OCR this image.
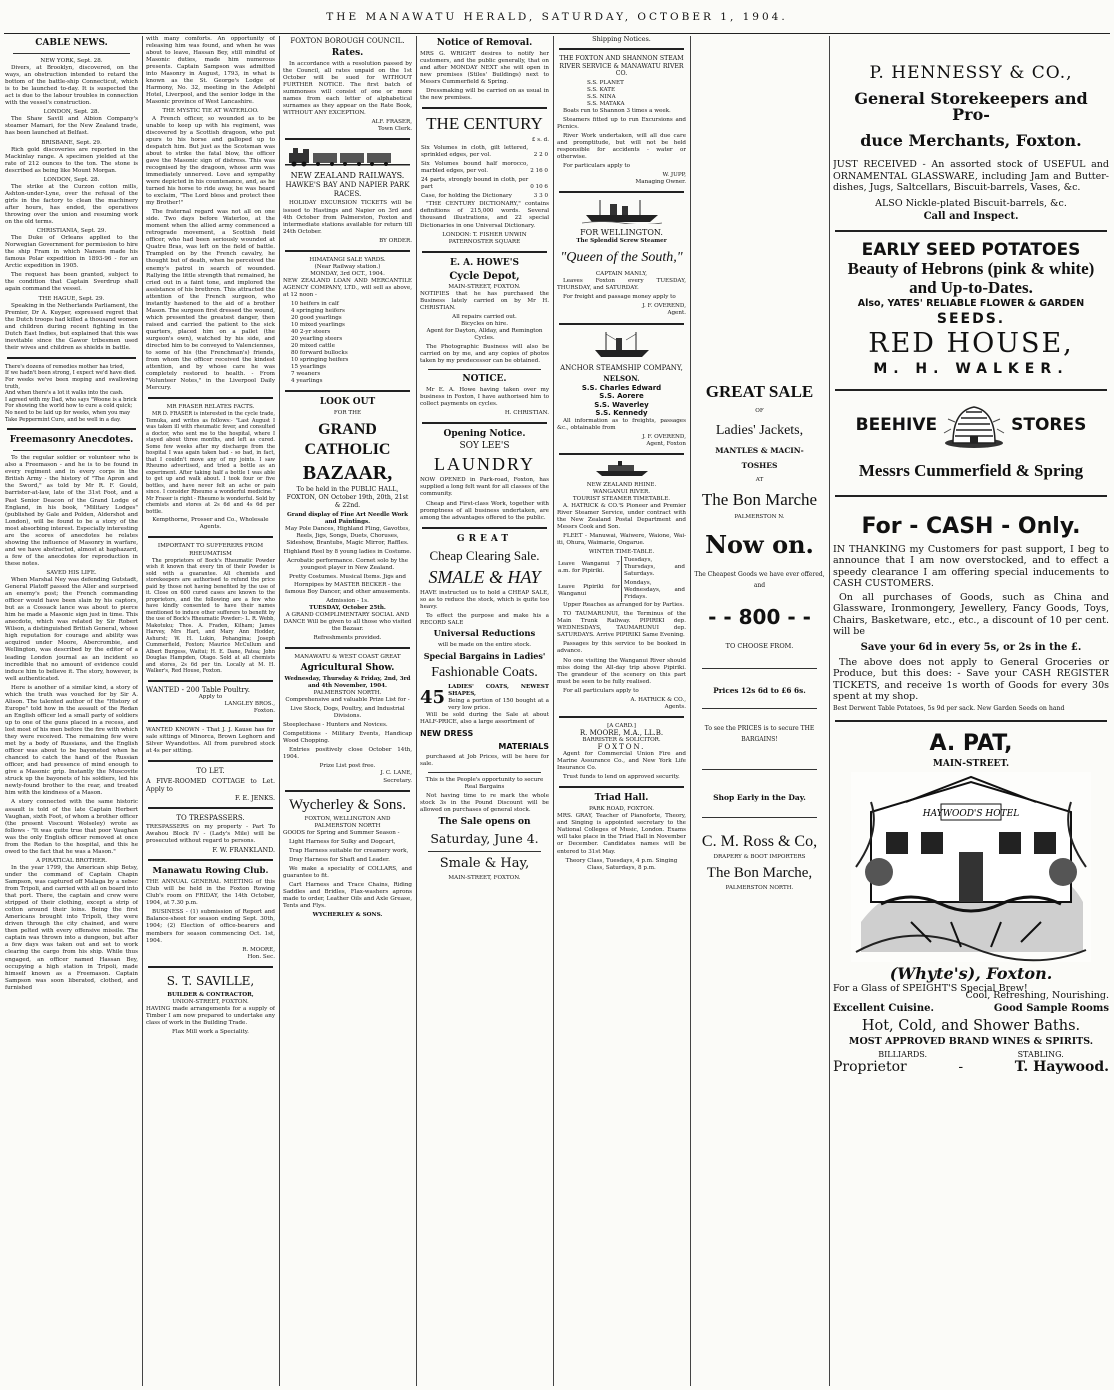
THE MANAWATU HERALD, SATURDAY, OCTOBER 1, 1904.
CABLE NEWS.
NEW YORK, Sept. 28.

Divers, at Brooklyn, discovered, on the ways, an obstruction intended to retard the bottom of the battle-ship Connecticut, which is to be launched to-day. It is suspected the act is due to the labour troubles in connection with the vessel's construction.

LONDON, Sept. 28.

The Shaw Savill and Albion Company's steamer Mamari, for the New Zealand trade, has been launched at Belfast.

BRISBANE, Sept. 29.

Rich gold discoveries are reported in the Mackinlay range. A specimen yielded at the rate of 212 ounces to the ton. The stone is described as being like Mount Morgan.

LONDON, Sept. 28.

The strike at the Curzon cotton mills, Ashton-under-Lyne, over the refusal of the girls in the factory to clean the machinery after hours, has ended, the operatives throwing over the union and resuming work on the old terms.

CHRISTIANIA, Sept. 29.

The Duke of Orleans applied to the Norwegian Government for permission to hire the ship Fram in which Nansen made his famous Polar expedition in 1893-96 - for an Arctic expedition in 1905.

The request has been granted, subject to the condition that Captain Sverdrup shall again command the vessel.

THE HAGUE, Sept. 29.

Speaking in the Netherlands Parliament, the Premier, Dr A. Kuyper, expressed regret that the Dutch troops had killed a thousand women and children during recent fighting in the Dutch East Indies, but explained that this was inevitable since the Gawor tribesmen used their wives and children as shields in battle.

There's dozens of remedies mother has tried,
If we hadn't been strong, I expect we'd have died.
For weeks we've been moping and swallowing truth,
And when there's a lot it walks into the cash.
I agreed with my Dad, who says "Woone is a brick
For showing the world how to cure a cold quick;
No need to be laid up for weeks, when you may
Take Peppermint Cure, and be well in a day.
Freemasonry Anecdotes.

To the regular soldier or volunteer who is also a Freemason - and he is to be found in every regiment and in every corps in the British Army - the history of "The Apron and the Sword," as told by Mr R. F. Gould, barrister-at-law, late of the 31st Foot, and a Past Senior Deacon of the Grand Lodge of England, in his book, "Military Lodges" (published by Gale and Polden, Aldershot and London), will be found to be a story of the most absorbing interest. Especially interesting are the scores of anecdotes he relates showing the influence of Masonry in warfare, and we have abstracted, almost at haphazard, a few of the anecdotes for reproduction in these notes.

SAVED HIS LIFE.

When Marshal Ney was defending Gutstadt, General Platoff passed the Aller and surprised an enemy's post; the French commanding officer would have been slain by his captors, but as a Cossack lance was about to pierce him he made a Masonic sign just in time. This anecdote, which was related by Sir Robert Wilson, a distinguished British General, whose high reputation for courage and ability was acquired under Moore, Abercrombie, and Wellington, was described by the editor of a leading London journal as an incident so incredible that no amount of evidence could induce him to believe it. The story, however, is well authenticated.

Here is another of a similar kind, a story of which the truth was vouched for by Sir A. Alison. The talented author of the "History of Europe" told how in the assault of the Redan an English officer led a small party of soldiers up to one of the guns placed in a recess, and lost most of his men before the fire with which they were received. The remaining few were met by a body of Russians, and the English officer was about to be bayoneted when he chanced to catch the hand of the Russian officer, and had presence of mind enough to give a Masonic grip. Instantly the Muscovite struck up the bayonets of his soldiers, led his newly-found brother to the rear, and treated him with the kindness of a Mason.

A story connected with the same historic assault is told of the late Captain Herbert Vaughan, sixth Foot, of whom a brother officer (the present Viscount Wolseley) wrote as follows - "It was quite true that poor Vaughan was the only English officer removed at once from the Redan to the hospital, and this he owed to the fact that he was a Mason."

A PIRATICAL BROTHER.

In the year 1799, the American ship Betsy, under the command of Captain Chapin Sampson, was captured off Malaga by a xebec from Tripoli, and carried with all on board into that port. There, the captain and crew were stripped of their clothing, except a strip of cotton around their loins. Being the first Americans brought into Tripoli, they were driven through the city chained, and were then pelted with every offensive missile. The captain was thrown into a dungeon, but after a few days was taken out and set to work clearing the cargo from his ship. While thus engaged, an officer named Hassan Bey, occupying a high station in Tripoli, made himself known as a Freemason. Captain Sampson was soon liberated, clothed, and furnished

with many comforts. An opportunity of releasing him was found, and when he was about to leave, Hassan Bey, still mindful of Masonic duties, made him numerous presents. Captain Sampson was admitted into Masonry in August, 1793, in what is known as the St. George's Lodge of Harmony, No. 32, meeting in the Adelphi Hotel, Liverpool, and the senior lodge in the Masonic province of West Lancashire.

THE MYSTIC TIE AT WATERLOO.

A French officer, so wounded as to be unable to keep up with his regiment, was discovered by a Scottish dragoon, who put spurs to his horse and galloped up to despatch him. But just as the Scotsman was about to strike the fatal blow, the officer gave the Masonic sign of distress. This was recognised by the dragoon, whose arm was immediately unnerved. Love and sympathy were depicted in his countenance, and, as he turned his horse to ride away, he was heard to exclaim, "The Lord bless and protect thee my Brother!"

The fraternal regard was not all on one side. Two days before Waterloo, at the moment when the allied army commenced a retrograde movement, a Scottish field officer, who had been seriously wounded at Quatre Bras, was left on the field of battle. Trampled on by the French cavalry, he thought but of death, when he perceived the enemy's patrol in search of wounded. Rallying the little strength that remained, he cried out in a faint tone, and implored the assistance of his brethren. This attracted the attention of the French surgeon, who instantly hastened to the aid of a brother Mason. The surgeon first dressed the wound, which presented the greatest danger, then raised and carried the patient to the sick quarters, placed him on a pallet (the surgeon's own), watched by his side, and directed him to be conveyed to Valenciennes, to some of his (the Frenchman's) friends, from whom the officer received the kindest attention, and by whose care he was completely restored to health. - From "Volunteer Notes," in the Liverpool Daily Mercury.

MR FRASER RELATES FACTS.

MR D. FRASER is interested in the cycle trade, Temuka, and writes as follows:- "Last August I was taken ill with rheumatic fever, and consulted a doctor, who sent me to the hospital, where I stayed about three months, and left as cured. Some few weeks after my discharge from the hospital I was again taken bad - so bad, in fact, that I couldn't move any of my joints. I saw Rheumo advertised, and tried a bottle as an experiment. After taking half a bottle I was able to get up and walk about. I took four or five bottles, and have never felt an ache or pain since. I consider Rheumo a wonderful medicine." Mr Fraser is right - Rheumo is wonderful. Sold by chemists and stores at 2s 6d and 4s 6d per bottle.

Kempthorne, Prosser and Co., Wholesale Agents.
IMPORTANT TO SUFFERERS FROM RHEUMATISM

The proprietors of Bock's Rheumatic Powder wish it known that every tin of their Powder is sold with a guarantee. All chemists and storekeepers are authorised to refund the price paid by those not having benefited by the use of it. Close on 600 cured cases are known to the proprietors, and the following are a few who have kindly consented to have their names mentioned to induce other sufferers to benefit by the use of Bock's Rheumatic Powder:- L. R. Webb, Makotuku; Thos. A. Fraden, Kilham; James Harvey, Mrs Hart, and Mary Ann Hodder, Ashurst; W. H. Lukin, Pohangina; Joseph Cummerfield, Foxton; Maurice McCullum and Albert Burgess, Waitui; H. E. Dane, Patea; John Douglas Hampden, Otago. Sold at all chemists and stores, 2s 6d per tin. Locally at M. H. Walker's, Red House, Foxton.

WANTED - 200 Table Poultry.
Apply to
LANGLEY BROS.,
Foxton.

WANTED KNOWN - That J. J. Kause has for sale sittings of Minorca, Brown Leghorn and Silver Wyandottes. All from purebred stock at 4s per sitting.

TO LET.

A FIVE-ROOMED COTTAGE to Let. Apply to

F. E. JENKS.
TO TRESPASSERS.

TRESPASSERS on my property - Part To Awahou Block IV - (Lady's Mile) will be prosecuted without regard to persons.

F. W. FRANKLAND.
Manawatu Rowing Club.

THE ANNUAL GENERAL MEETING of this Club will be held in the Foxton Rowing Club's room on FRIDAY, the 14th October, 1904, at 7.30 p.m.

BUSINESS - (1) submission of Report and Balance-sheet for season ending Sept. 30th, 1904; (2) Election of office-bearers and members for season commencing Oct. 1st, 1904.

R. MOORE,
Hon. Sec.
S. T. SAVILLE,
BUILDER & CONTRACTOR,
UNION-STREET, FOXTON.

HAVING made arrangements for a supply of Timber I am now prepared to undertake any class of work in the Building Trade.

Flax Mill work a Speciality.
FOXTON BOROUGH COUNCIL.
Rates.

In accordance with a resolution passed by the Council, all rates unpaid on the 1st October will be sued for WITHOUT FURTHER NOTICE. The first batch of summonses will consist of one or more names from each letter of alphabetical surnames as they appear on the Rate Book, WITHOUT ANY EXCEPTION.

ALF. FRASER,
Town Clerk.
NEW ZEALAND RAILWAYS.
HAWKE'S BAY AND NAPIER PARK RACES.

HOLIDAY EXCURSION TICKETS will be issued to Hastings and Napier on 3rd and 4th October from Palmerston, Foxton and intermediate stations available for return till 24th October.

BY ORDER.
HIMATANGI SALE YARDS.
(Near Railway station.)
MONDAY, 3rd OCT., 1904.

NEW ZEALAND LOAN AND MERCANTILE AGENCY COMPANY, LTD., will sell as above, at 12 noon -

10 heifers in calf
4 springing heifers
20 good yearlings
10 mixed yearlings
40 2-yr steers
20 yearling steers
20 mixed cattle
80 forward bullocks
10 springing heifers
15 yearlings
7 weaners
4 yearlings
LOOK OUT
FOR THE
GRAND CATHOLIC
BAZAAR,

To be held in the PUBLIC HALL, FOXTON, ON October 19th, 20th, 21st & 22nd.

Grand display of Fine Art Needle Work and Paintings.

May Pole Dances, Highland Fling, Gavottes, Reels, Jigs, Songs, Duets, Choruses, Sideshow, Brantubs, Magic Mirror, Raffles.

Highland Reel by 8 young ladies in Costume.

Acrobatic performance. Cornet solo by the youngest player in New Zealand.

Pretty Costumes. Musical Items. Jigs and Hornpipes by MASTER BECKER - the famous Boy Dancer, and other amusements.

Admission - 1s.
TUESDAY, October 25th.

A GRAND COMPLIMENTARY SOCIAL AND DANCE Will be given to all those who visited the Bazaar.

Refreshments provided.
MANAWATU & WEST COAST GREAT
Agricultural Show.
Wednesday, Thursday & Friday, 2nd, 3rd and 4th November, 1904.
PALMERSTON NORTH.

Comprehensive and valuable Prize List for -

Live Stock, Dogs, Poultry, and Industrial Divisions.

Steeplechase - Hunters and Novices.

Competitions - Military Events, Handicap Wood Chopping.

Entries positively close October 14th, 1904.

Prize List post free.
J. C. LANE,
Secretary.
Wycherley & Sons.
FOXTON, WELLINGTON AND PALMERSTON NORTH

GOODS for Spring and Summer Season -

Light Harness for Sulky and Dogcart,

Trap Harness suitable for creamery work,

Dray Harness for Shaft and Leader.

We make a speciality of COLLARS, and guarantee to fit.

Cart Harness and Trace Chains, Riding Saddles and Bridles, Flax-washers aprons made to order, Leather Oils and Axle Grease, Tents and Flys.

WYCHERLEY & SONS.
Notice of Removal.

MRS G. WRIGHT desires to notify her customers, and the public generally, that on and after MONDAY NEXT she will open in new premises (Stiles' Buildings) next to Messrs Cummerfield & Spring.

Dressmaking will be carried on as usual in the new premises.

THE CENTURY
£ s. d.
Six Volumes in cloth, gilt lettered, sprinkled edges, per vol.	2 2 0
Six Volumes bound half morocco, marbled edges, per vol.	2 16 0
24 parts, strongly bound in cloth, per part	0 10 6
Case, for holding the Dictionary	3 3 0

"THE CENTURY DICTIONARY," contains definitions of 215,000 words. Several thousand illustrations, and 22 special Dictionaries in one Universal Dictionary.

LONDON: T. FISHER UNWIN PATERNOSTER SQUARE
E. A. HOWE'S
Cycle Depot,
MAIN-STREET, FOXTON.

NOTIFIES that he has purchased the Business lately carried on by Mr H. CHRISTIAN.

All repairs carried out.
Bicycles on hire.

Agent for Dayton, Allday, and Remington Cycles.

The Photographic Business will also be carried on by me, and any copies of photos taken by my predecessor can be obtained.

NOTICE.

Mr E. A. Howe having taken over my business in Foxton, I have authorised him to collect payments on cycles.

H. CHRISTIAN.
Opening Notice.
SOY LEE'S
LAUNDRY

NOW OPENED in Park-road, Foxton, has supplied a long felt want for all classes of the community.

Cheap and First-class Work, together with promptness of all business undertaken, are among the advantages offered to the public.

GREAT
Cheap Clearing Sale.
SMALE & HAY

HAVE instructed us to hold a CHEAP SALE, so as to reduce the stock, which is quite too heavy.

To effect the purpose and make his a RECORD SALE

Universal Reductions
will be made on the entire stock.
Special Bargains in Ladies'
Fashionable Coats.
45
LADIES' COATS, NEWEST SHAPES,
Being a portion of 150 bought at a very low price.

Will be sold during the Sale at about HALF-PRICE, also a large assortment of

NEW DRESS
MATERIALS

purchased at Job Prices, will be here for sale.

This is the People's opportunity to secure Real Bargains

Not having time to re mark the whole stock 3s in the Pound Discount will be allowed on purchases of general stock.

The Sale opens on
Saturday, June 4.
Smale & Hay,
MAIN-STREET, FOXTON.
Shipping Notices.

THE FOXTON AND SHANNON STEAM RIVER SERVICE & MANAWATU RIVER CO.

S.S. PLANET
S.S. KATE
S.S. NINA
S.S. MATAKA

Boats run to Shannon 3 times a week.

Steamers fitted up to run Excursions and Picnics.

River Work undertaken, will all due care and promptitude, but will not be held responsible for accidents - water or otherwise.

For particulars apply to

W. JUPP,
Managing Owner.
FOR WELLINGTON.
The Splendid Screw Steamer
"Queen of the South,"
CAPTAIN MANLY,

Leaves Foxton every TUESDAY, THURSDAY, and SATURDAY.

For freight and passage money apply to

J. F. OVEREND,
Agent.
ANCHOR STEAMSHIP COMPANY,
NELSON.
S.S. Charles Edward
S.S. Aorere
S.S. Waverley
S.S. Kennedy

All information as to freights, passages &c., obtainable from

J. F. OVEREND,
Agent, Foxton
NEW ZEALAND RHINE.
WANGANUI RIVER.
TOURIST STEAMER TIMETABLE.

A. HATRICK & CO.'S Pioneer and Premier River Steamer Service, under contract with the New Zealand Postal Department and Messrs Cook and Son.

FLEET - Manuwai, Waiwere, Waione, Wai-iti, Ohura, Waimarie, Ongarue.

WINTER TIME-TABLE.
Leave Wanganui 7 a.m. for Pipiriki.	Tuesdays, Thursdays, and Saturdays.
Leave Pipiriki for Wanganui	Mondays, Wednesdays, and Fridays.

Upper Reaches as arranged for by Parties.

TO TAUMARUNUI, the Terminus of the Main Trunk Railway. PIPIRIKI dep. WEDNESDAYS, TAUMARUNUI dep. SATURDAYS. Arrive PIPIRIKI Same Evening.

Passages by this service to be booked in advance.

No one visiting the Wanganui River should miss doing the All-day trip above Pipiriki. The grandeur of the scenery on this part must be seen to be fully realised.

For all particulars apply to

A. HATRICK & CO.,
Agents.
[A CARD.]
R. MOORE, M.A., LL.B.
BARRISTER & SOLICITOR.
FOXTON.

Agent for Commercial Union Fire and Marine Assurance Co., and New York Life Insurance Co.

Trust funds to lend on approved security.

Triad Hall.
PARK ROAD, FOXTON.

MRS. GRAY, Teacher of Pianoforte, Theory, and Singing is appointed secretary to the National Colleges of Music, London. Exams will take place in the Triad Hall in November or December. Candidates names will be entered to 31st May.

Theory Class, Tuesdays, 4 p.m. Singing Class, Saturdays, 8 p.m.
GREAT SALE
OF
Ladies' Jackets,
MANTLES & MACIN-
TOSHES
AT
The Bon Marche
PALMERSTON N.
Now on.

The Cheapest Goods we have ever offered, and

- - 800 - -
TO CHOOSE FROM.
Prices 12s 6d to £6 6s.

To see the PRICES is to secure THE BARGAINS!

Shop Early in the Day.
C. M. Ross & Co,
DRAPERY & BOOT IMPORTERS
The Bon Marche,
PALMERSTON NORTH.
P. HENNESSY & CO.,
General Storekeepers and Pro-
duce Merchants, Foxton.

JUST RECEIVED - An assorted stock of USEFUL and ORNAMENTAL GLASSWARE, including Jam and Butter-dishes, Jugs, Saltcellars, Biscuit-barrels, Vases, &c.

ALSO Nickle-plated Biscuit-barrels, &c.
Call and Inspect.
EARLY SEED POTATOES
Beauty of Hebrons (pink & white)
and Up-to-Dates.
Also, YATES' RELIABLE FLOWER & GARDEN
SEEDS.
RED HOUSE,
M. H. WALKER.
BEEHIVE	STORES
Messrs Cummerfield & Spring
For - CASH - Only.

IN THANKING my Customers for past support, I beg to announce that I am now overstocked, and to effect a speedy clearance I am offering special inducements to CASH CUSTOMERS.

On all purchases of Goods, such as China and Glassware, Ironmongery, Jewellery, Fancy Goods, Toys, Chairs, Basketware, etc., etc., a discount of 10 per cent. will be

Save your 6d in every 5s, or 2s in the £.

The above does not apply to General Groceries or Produce, but this does: - Save your CASH REGISTER TICKETS, and receive 1s worth of Goods for every 30s spent at my shop.

Best Derwent Table Potatoes, 5s 9d per sack. New Garden Seeds on hand
A. PAT,
MAIN-STREET.
HAYWOOD'S HOTEL
(Whyte's), Foxton.
For a Glass of SPEIGHT'S Special Brew!
Cool, Refreshing, Nourishing.
Excellent Cuisine.	Good Sample Rooms
Hot, Cold, and Shower Baths.
MOST APPROVED BRAND WINES & SPIRITS.
BILLIARDS.	STABLING.
Proprietor	-	T. Haywood.
